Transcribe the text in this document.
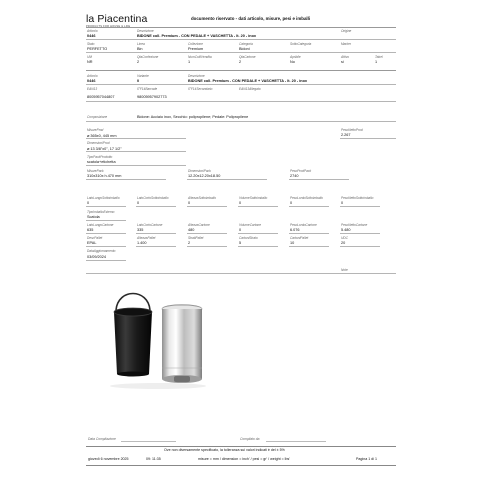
la Piacentina
PRODUCTS FOR HOUSE & LIFE
documento riservato - dati articolo, misure, pesi e imballi
Articolo	Descrizione	Origine
0446	BIDONE coll. Premium - CON PEDALE + VASCHETTA - lt. 20 - inox
Stato	Linea	Collezione	Categoria	SottoCategoria	Marker
PERFETTO	Bin	Premium	Bidoni
UM	QtaConfezione	NumColliVendita	QtaCartone	Apribile	Attivo	Tabel
NR	2	1	2	No	si	1
Articolo	Variante	Descrizione
0446	0	BIDONE coll. Premium - CON PEDALE + VASCHETTA - lt. 20 - inox
EAN13	ITF14Barcode	ITF14Secondario	EAN13Allegato
8005957044807	98005957902773
Composizione	Bidone: Acciaio inox, Secchio: polipropilene; Pedale: Polipropilene
MisureProd	PesoNettoProd
⌀ 365x0, 445 mm	2.267
DimensioniProd
⌀ 13 3/8"x0", 17 1/2"
TipoPackProdotto
scatola+etichetta
MisurePack	DimensioniPack	PesoProdPack
310x310x h.470 mm	12.20x12.20x18.50	2740
LatoLungoSottoimballo	LatoCortoSottoimballo	AltezzaSottoimballo	VolumeSottoimballo	PesoLordoSottoimballo	PesoNettoSottoimballo
0	0	0	0	0	0
TipoImballoEsterno
Scatola
LatoLungoCartone	LatoCortoCartone	AltezzaCartone	VolumeCartone	PesoLordoCartone	PesoNettoCartone
635	335	480	0	6.076	5.480
DescPallet	AltezzaPallet	StratiPallet	CartoniStrato	CartoniPallet	UDC
EPAL	1.400	2	5	10	20
DataAggiornamento
03/09/2024
Note
Data Compilazione	Compilato da
Ove non diversamente specificato, la tolleranza sui valori indicati è del ± 5%
giovedì 6 novembre 2025	09: 11:35	misure = mm / dimension = inch' / pesi = gr' / weight = lbs'	Pagina 1 di 1
